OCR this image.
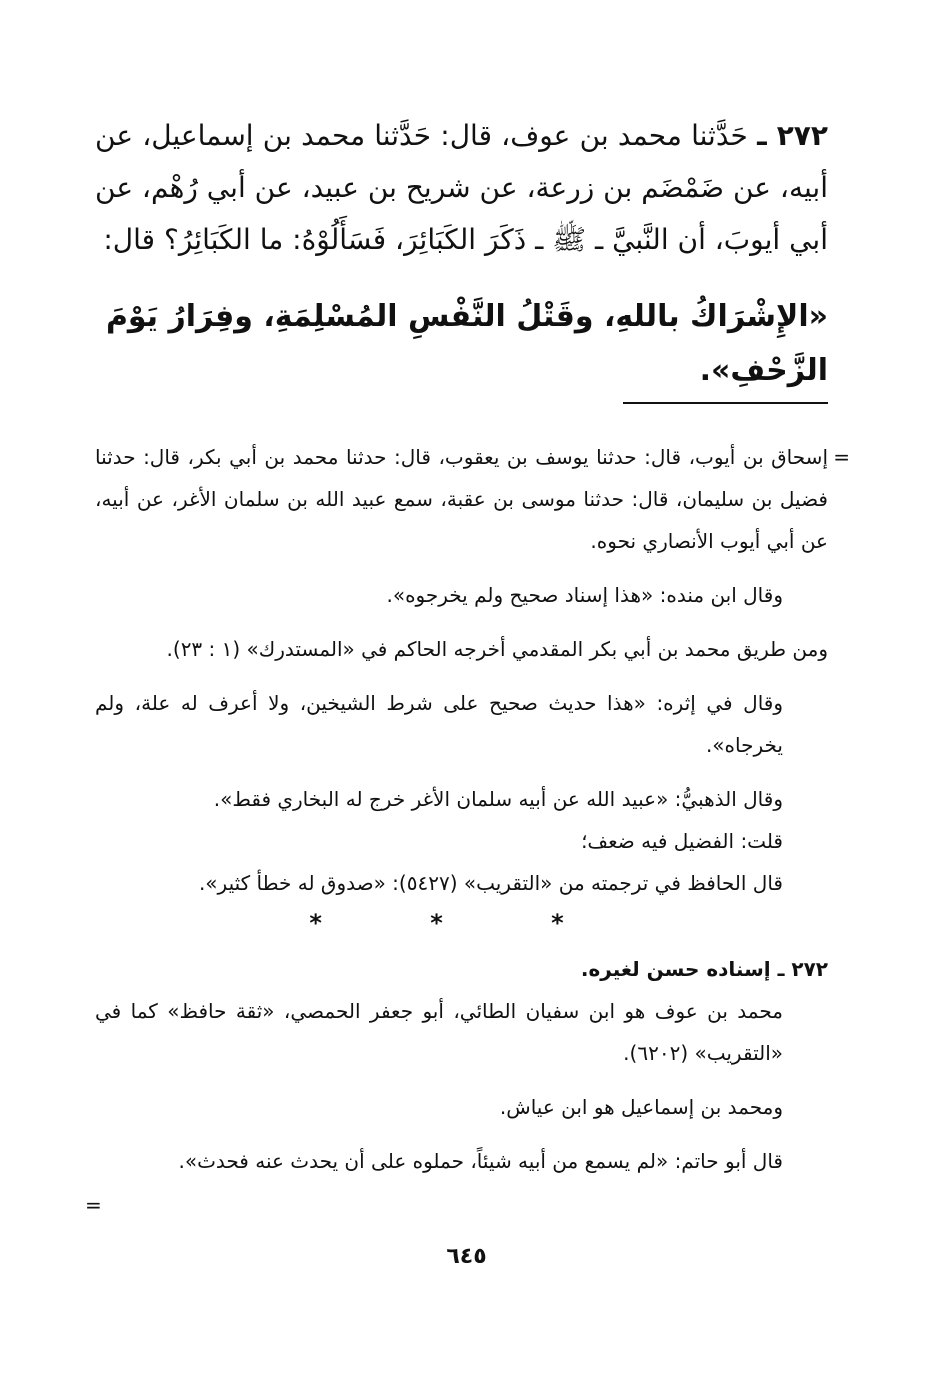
٢٧٢ ـ حَدَّثنا محمد بن عوف، قال: حَدَّثنا محمد بن إسماعيل، عن أبيه، عن ضَمْضَم بن زرعة، عن شريح بن عبيد، عن أبي رُهْم، عن أبي أيوبَ، أن النَّبيَّ ـ ﷺ ـ ذَكَرَ الكَبَائِرَ، فَسَأَلُوْهُ: ما الكَبَائِرُ؟ قال:
«الإِشْرَاكُ باللهِ، وقَتْلُ النَّفْسِ المُسْلِمَةِ، وفِرَارُ يَوْمَ الزَّحْفِ».
=

إسحاق بن أيوب، قال: حدثنا يوسف بن يعقوب، قال: حدثنا محمد بن أبي بكر، قال: حدثنا فضيل بن سليمان، قال: حدثنا موسى بن عقبة، سمع عبيد الله بن سلمان الأغر، عن أبيه، عن أبي أيوب الأنصاري نحوه.

وقال ابن منده: «هذا إسناد صحيح ولم يخرجوه».

ومن طريق محمد بن أبي بكر المقدمي أخرجه الحاكم في «المستدرك» (١ : ٢٣).

وقال في إثره: «هذا حديث صحيح على شرط الشيخين، ولا أعرف له علة، ولم يخرجاه».

وقال الذهبيُّ: «عبيد الله عن أبيه سلمان الأغر خرج له البخاري فقط».

قلت: الفضيل فيه ضعف؛

قال الحافظ في ترجمته من «التقريب» (٥٤٢٧): «صدوق له خطأ كثير».

* * *

٢٧٢ ـ إسناده حسن لغيره.

محمد بن عوف هو ابن سفيان الطائي، أبو جعفر الحمصي، «ثقة حافظ» كما في «التقريب» (٦٢٠٢).

ومحمد بن إسماعيل هو ابن عياش.

قال أبو حاتم: «لم يسمع من أبيه شيئاً، حملوه على أن يحدث عنه فحدث».

=
٦٤٥
